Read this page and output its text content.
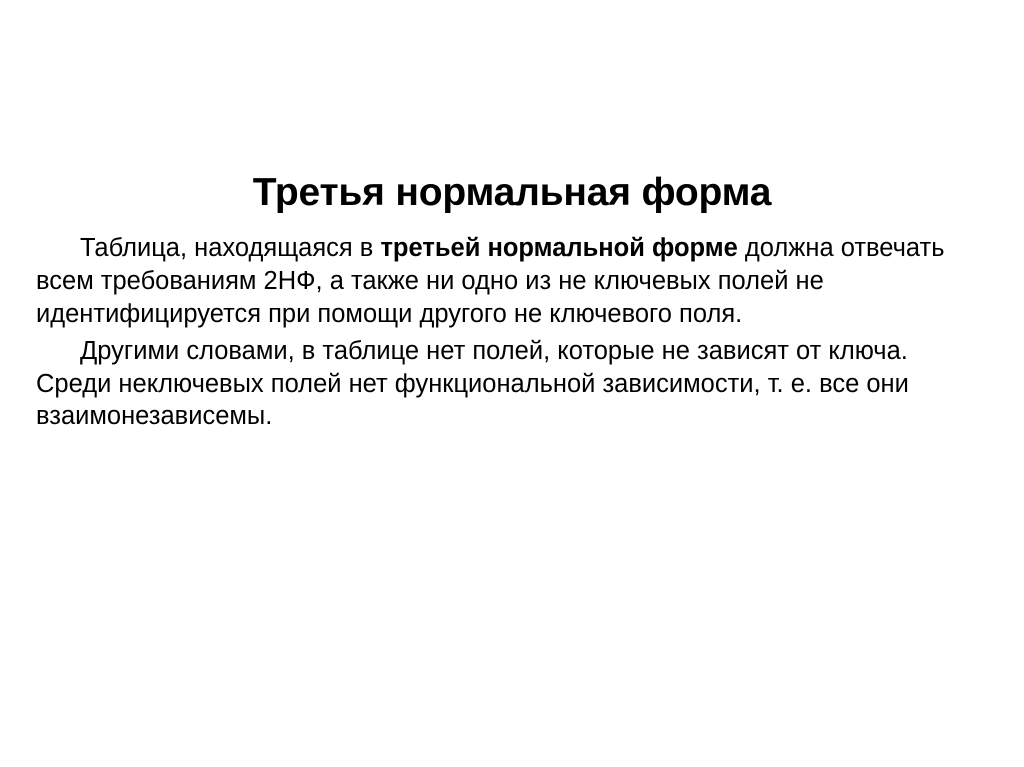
Третья нормальная форма

Таблица, находящаяся в третьей нормальной форме должна отвечать всем требованиям 2НФ, а также ни одно из не ключевых полей не идентифицируется при помощи другого не ключевого поля.

Другими словами, в таблице нет полей, которые не зависят от ключа. Среди неключевых полей нет функциональной зависимости, т. е. все они взаимонезависемы.
